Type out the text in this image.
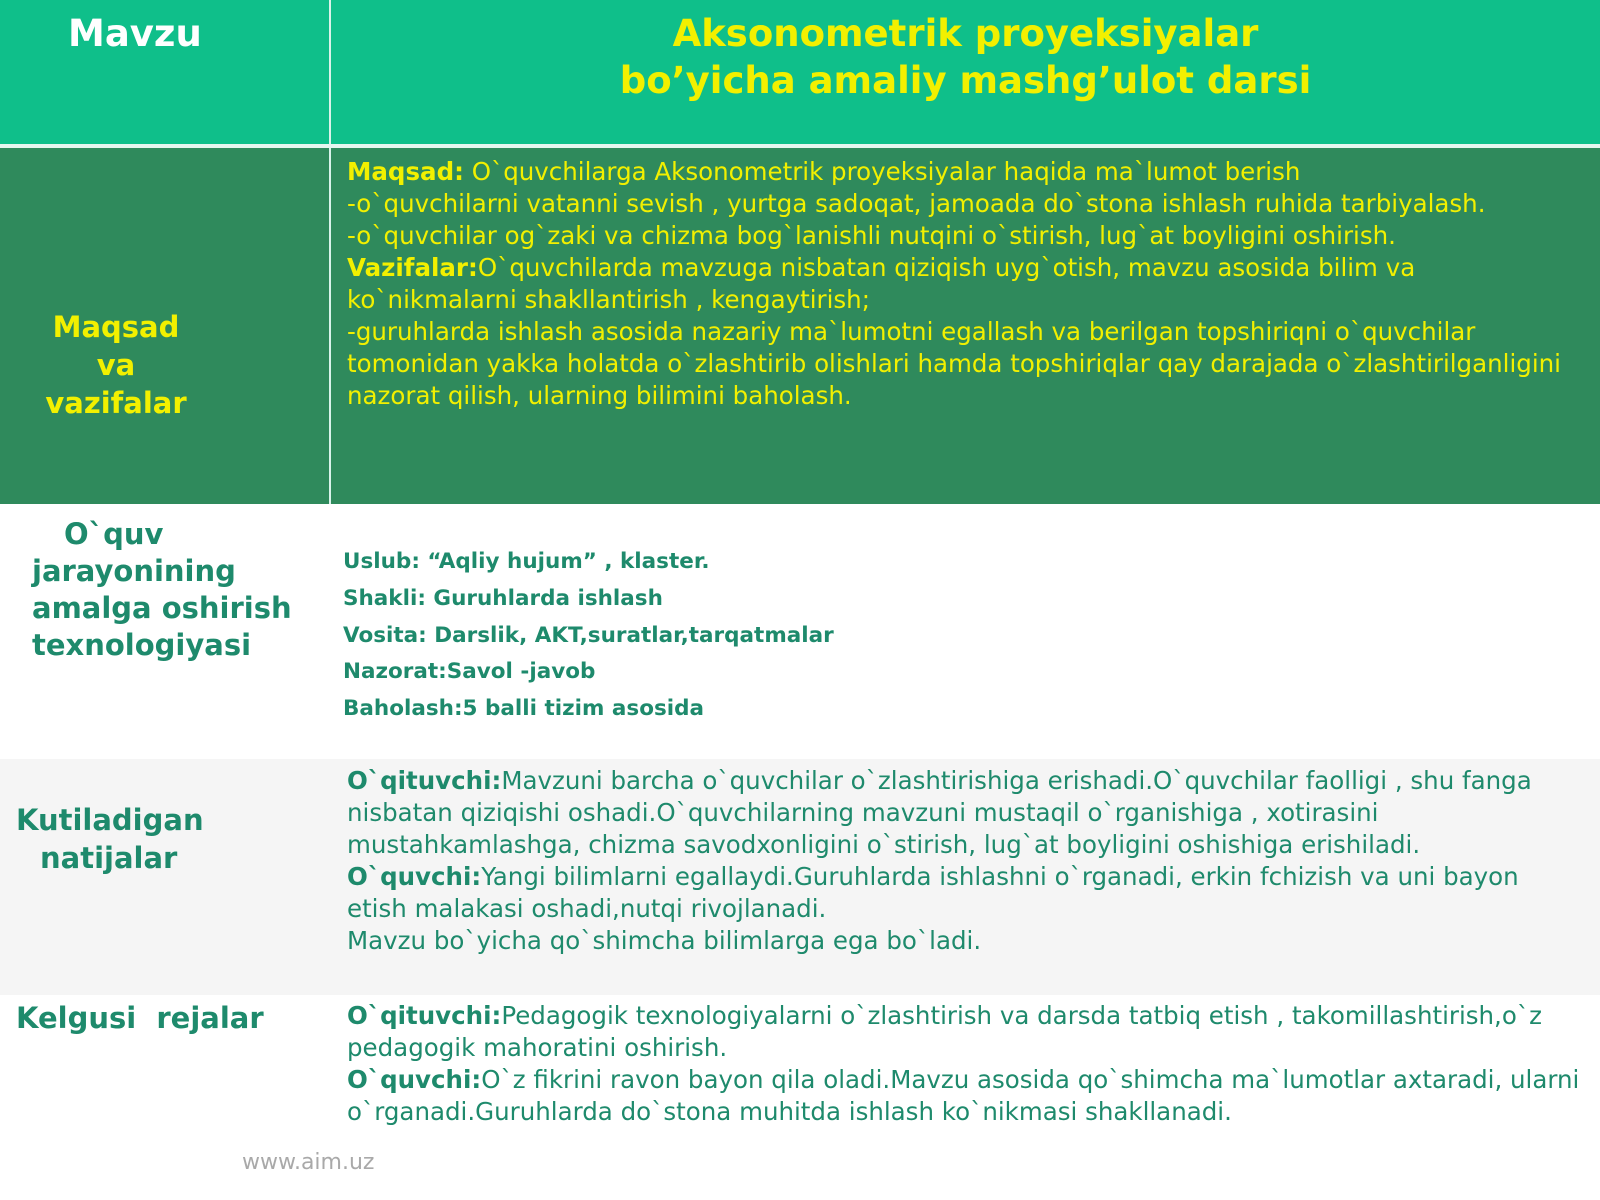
Mavzu	Aksonometrik proyeksiyalar
bo’yicha amaliy mashg’ulot darsi
Maqsad
va
vazifalar
Maqsad: O`quvchilarga Aksonometrik proyeksiyalar haqida ma`lumot berish
-o`quvchilarni vatanni sevish , yurtga sadoqat, jamoada do`stona ishlash ruhida tarbiyalash.
-o`quvchilar og`zaki va chizma bog`lanishli nutqini o`stirish, lug`at boyligini oshirish.
Vazifalar:O`quvchilarda mavzuga nisbatan qiziqish uyg`otish, mavzu asosida bilim va
ko`nikmalarni shakllantirish , kengaytirish;
-guruhlarda ishlash asosida nazariy ma`lumotni egallash va berilgan topshiriqni o`quvchilar
tomonidan yakka holatda o`zlashtirib olishlari hamda topshiriqlar qay darajada o`zlashtirilganligini
nazorat qilish, ularning bilimini baholash.
O`quv
jarayonining
amalga oshirish
texnologiyasi
Uslub: “Aqliy hujum” , klaster.
Shakli: Guruhlarda ishlash
Vosita: Darslik, AKT,suratlar,tarqatmalar
Nazorat:Savol -javob
Baholash:5 balli tizim asosida
Kutiladigan
natijalar
O`qituvchi:Mavzuni barcha o`quvchilar o`zlashtirishiga erishadi.O`quvchilar faolligi , shu fanga
nisbatan qiziqishi oshadi.O`quvchilarning mavzuni mustaqil o`rganishiga , xotirasini
mustahkamlashga, chizma savodxonligini o`stirish, lug`at boyligini oshishiga erishiladi.
O`quvchi:Yangi bilimlarni egallaydi.Guruhlarda ishlashni o`rganadi, erkin fchizish va uni bayon
etish malakasi oshadi,nutqi rivojlanadi.
Mavzu bo`yicha qo`shimcha bilimlarga ega bo`ladi.
Kelgusi  rejalar	O`qituvchi:Pedagogik texnologiyalarni o`zlashtirish va darsda tatbiq etish , takomillashtirish,o`z
pedagogik mahoratini oshirish.
O`quvchi:O`z fikrini ravon bayon qila oladi.Mavzu asosida qo`shimcha ma`lumotlar axtaradi, ularni
o`rganadi.Guruhlarda do`stona muhitda ishlash ko`nikmasi shakllanadi.
www.aim.uz
